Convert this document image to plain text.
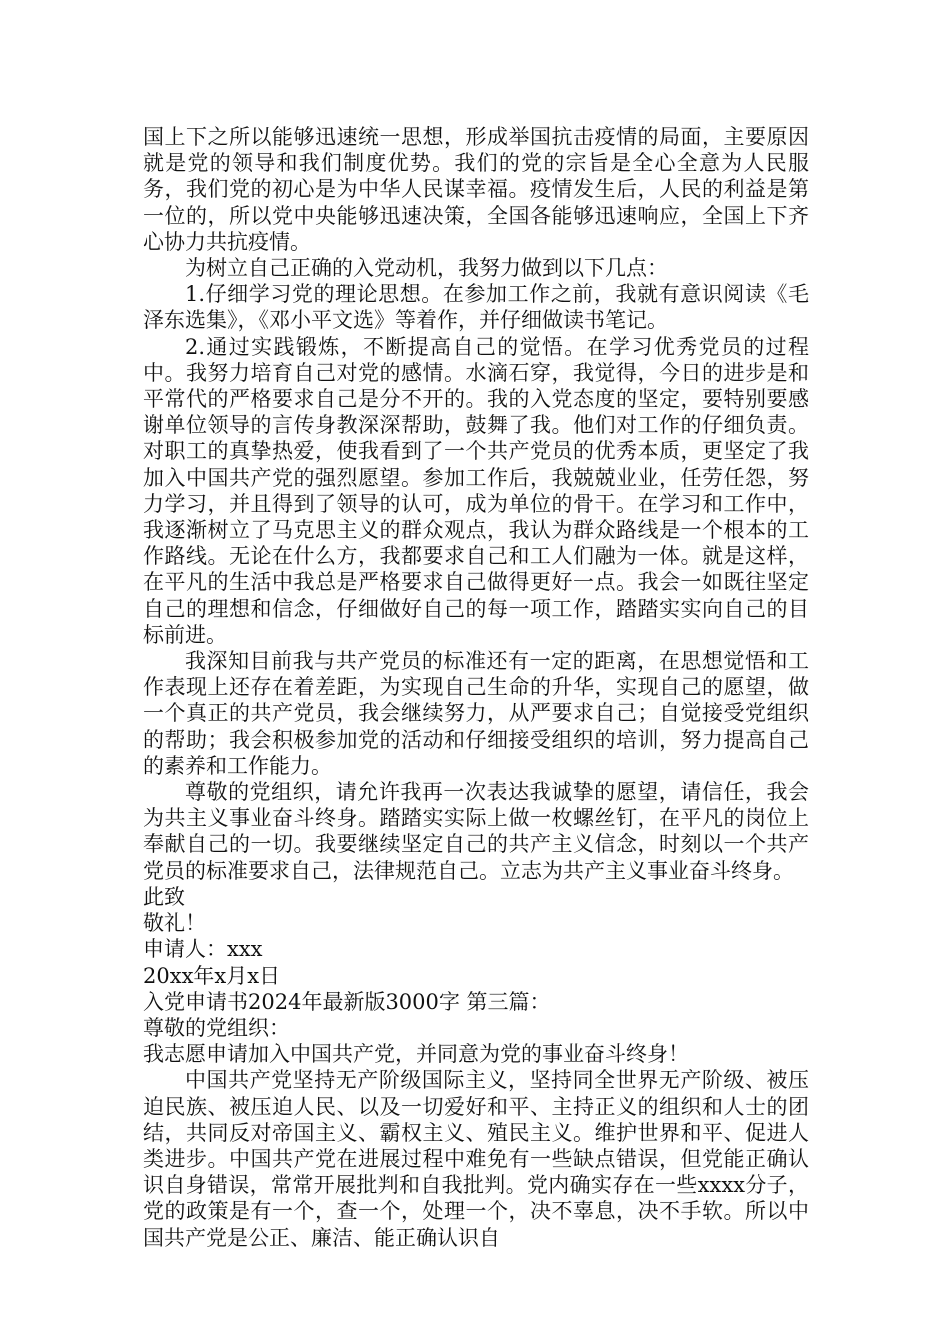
国上下之所以能够迅速统一思想，形成举国抗击疫情的局面，主要原因就是党的领导和我们制度优势。我们的党的宗旨是全心全意为人民服务，我们党的初心是为中华人民谋幸福。疫情发生后，人民的利益是第一位的，所以党中央能够迅速决策，全国各能够迅速响应，全国上下齐心协力共抗疫情。

为树立自己正确的入党动机，我努力做到以下几点：

1.仔细学习党的理论思想。在参加工作之前，我就有意识阅读《毛泽东选集》，《邓小平文选》等着作，并仔细做读书笔记。

2.通过实践锻炼，不断提高自己的觉悟。在学习优秀党员的过程中。我努力培育自己对党的感情。水滴石穿，我觉得，今日的进步是和平常代的严格要求自己是分不开的。我的入党态度的坚定，要特别要感谢单位领导的言传身教深深帮助，鼓舞了我。他们对工作的仔细负责。对职工的真挚热爱，使我看到了一个共产党员的优秀本质，更坚定了我加入中国共产党的强烈愿望。参加工作后，我兢兢业业，任劳任怨，努力学习，并且得到了领导的认可，成为单位的骨干。在学习和工作中，我逐渐树立了马克思主义的群众观点，我认为群众路线是一个根本的工作路线。无论在什么方，我都要求自己和工人们融为一体。就是这样，在平凡的生活中我总是严格要求自己做得更好一点。我会一如既往坚定自己的理想和信念，仔细做好自己的每一项工作，踏踏实实向自己的目标前进。

我深知目前我与共产党员的标准还有一定的距离，在思想觉悟和工作表现上还存在着差距，为实现自己生命的升华，实现自己的愿望，做一个真正的共产党员，我会继续努力，从严要求自己；自觉接受党组织的帮助；我会积极参加党的活动和仔细接受组织的培训，努力提高自己的素养和工作能力。

尊敬的党组织，请允许我再一次表达我诚挚的愿望，请信任，我会为共主义事业奋斗终身。踏踏实实际上做一枚螺丝钉，在平凡的岗位上奉献自己的一切。我要继续坚定自己的共产主义信念，时刻以一个共产党员的标准要求自己，法律规范自己。立志为共产主义事业奋斗终身。

此致

敬礼！

申请人：xxx

20xx年x月x日

入党申请书2024年最新版3000字 第三篇：

尊敬的党组织：

我志愿申请加入中国共产党，并同意为党的事业奋斗终身！

中国共产党坚持无产阶级国际主义，坚持同全世界无产阶级、被压迫民族、被压迫人民、以及一切爱好和平、主持正义的组织和人士的团结，共同反对帝国主义、霸权主义、殖民主义。维护世界和平、促进人类进步。中国共产党在进展过程中难免有一些缺点错误，但党能正确认识自身错误，常常开展批判和自我批判。党内确实存在一些xxxx分子，党的政策是有一个，查一个，处理一个，决不辜息，决不手软。所以中国共产党是公正、廉洁、能正确认识自
